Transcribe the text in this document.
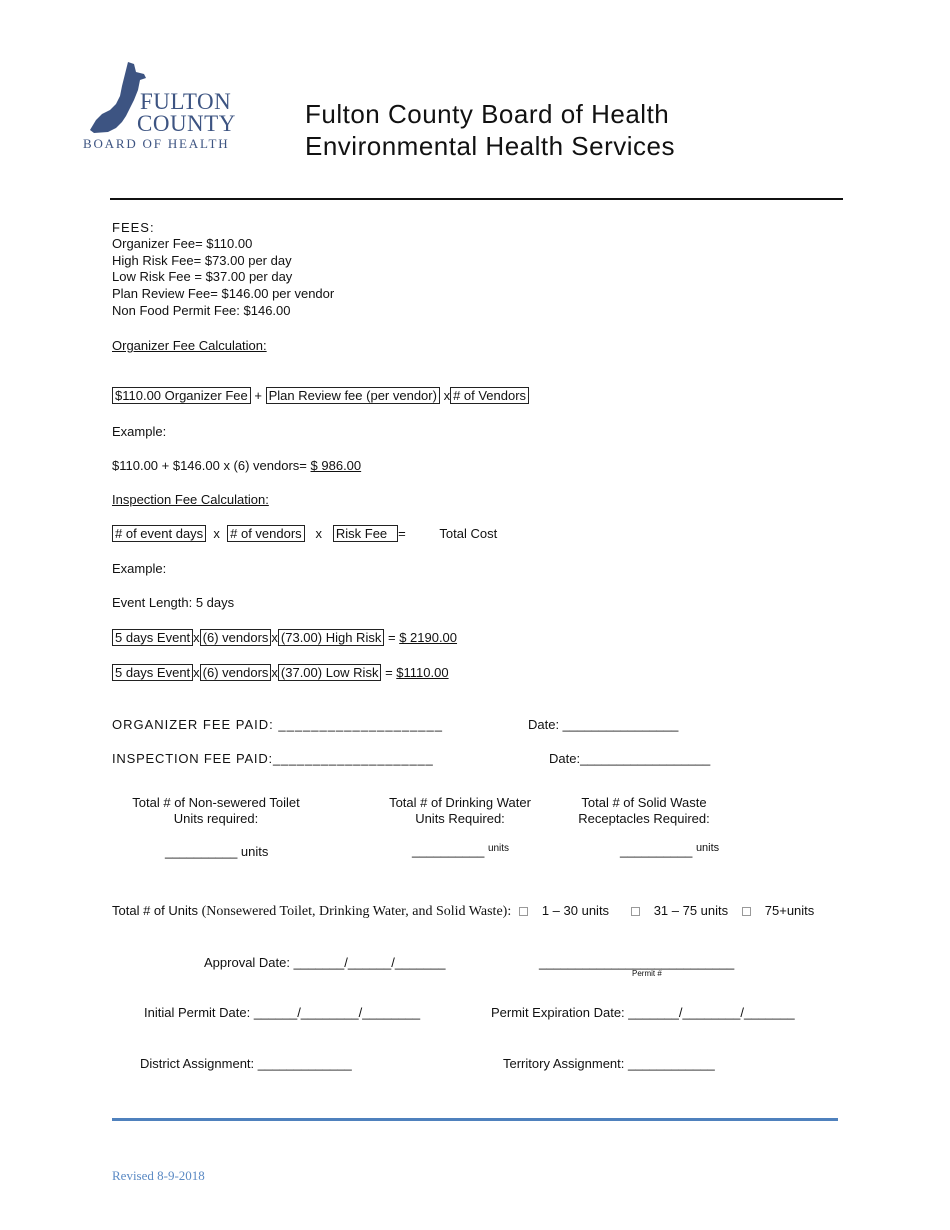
FULTON
COUNTY
BOARD OF HEALTH
Fulton County Board of Health
Environmental Health Services
FEES:
Organizer Fee= $110.00
High Risk Fee= $73.00 per day
Low Risk Fee = $37.00 per day
Plan Review Fee= $146.00 per vendor
Non Food Permit Fee: $146.00
Organizer Fee Calculation:
$110.00 Organizer Fee + Plan Review fee (per vendor) x # of Vendors
Example:
$110.00 + $146.00 x (6) vendors= $ 986.00
Inspection Fee Calculation:
# of event days x # of vendors x Risk Fee =	Total Cost
Example:
Event Length: 5 days
5 days Event x (6) vendors x (73.00) High Risk = $ 2190.00
5 days Event x (6) vendors x (37.00) Low Risk = $1110.00
ORGANIZER FEE PAID: ____________________	Date: ________________
INSPECTION FEE PAID:____________________	Date:__________________
Total # of Non-sewered Toilet
Units required:
__________ units
Total # of Drinking Water
Units Required:
__________ $^{units}$
Total # of Solid Waste
Receptacles Required:
__________ $^{units}$
Total # of Units (Nonsewered Toilet, Drinking Water, and Solid Waste): 1 – 30 units	31 – 75 units	75+units
Approval Date: _______/______/_______	___________________________
Permit #
Initial Permit Date: ______/________/________	Permit Expiration Date: _______/________/_______
District Assignment: _____________	Territory Assignment: ____________
Revised 8-9-2018
